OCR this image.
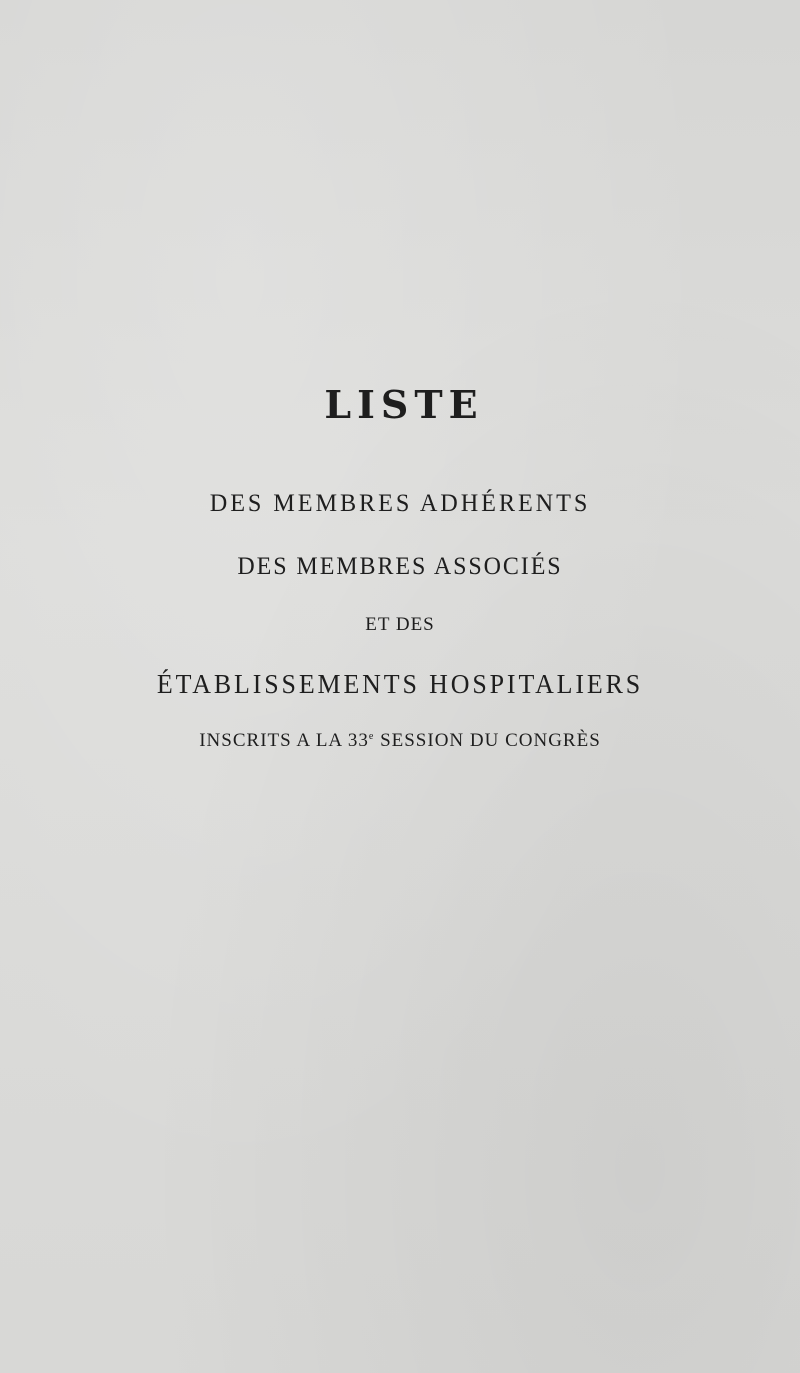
LISTE
DES MEMBRES ADHÉRENTS
DES MEMBRES ASSOCIÉS
ET DES
ÉTABLISSEMENTS HOSPITALIERS
INSCRITS A LA 33e SESSION DU CONGRÈS
